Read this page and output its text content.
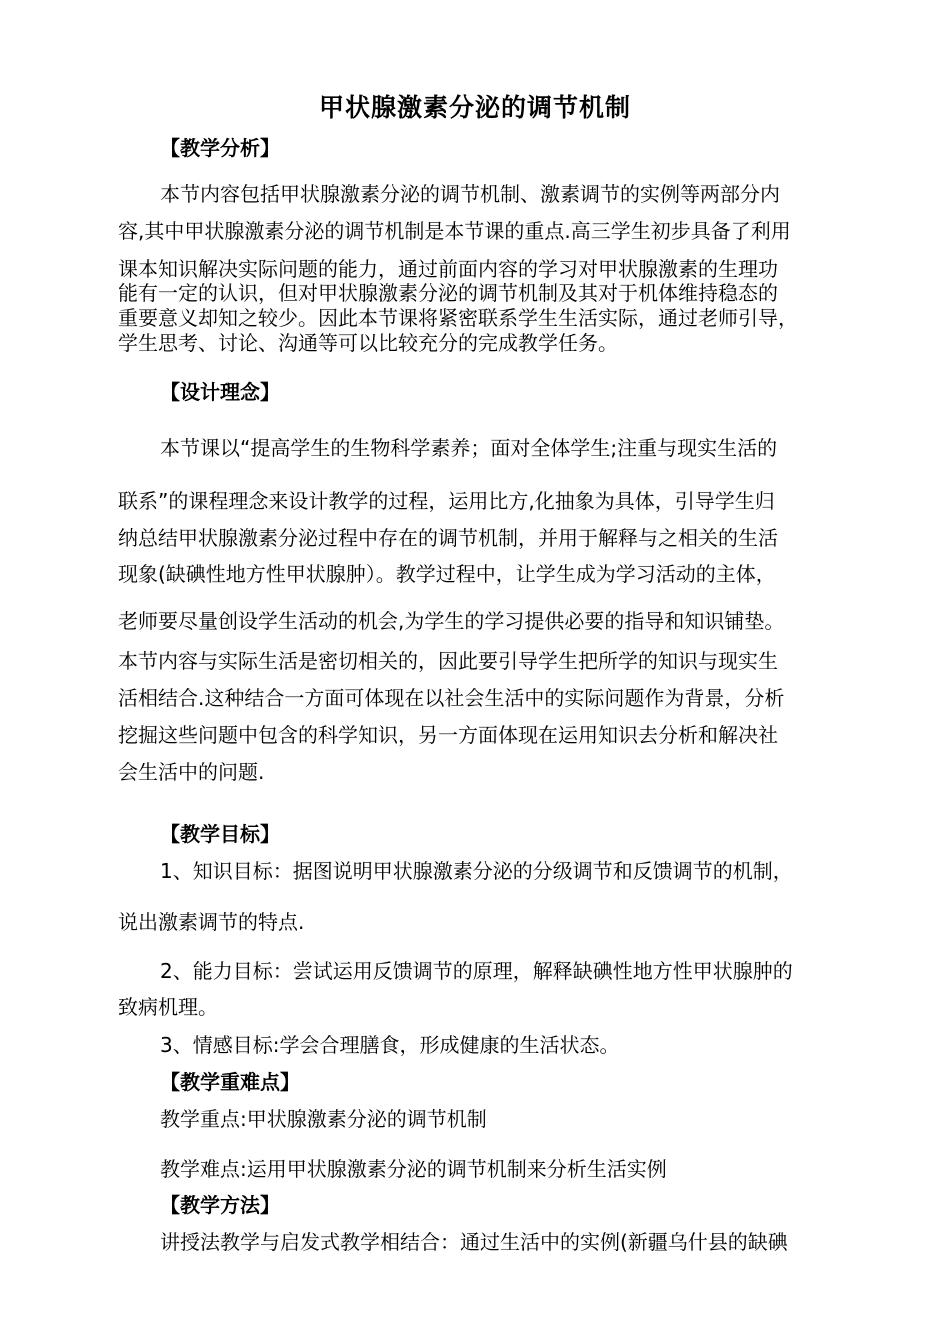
甲状腺激素分泌的调节机制
【教学分析】
本节内容包括甲状腺激素分泌的调节机制、激素调节的实例等两部分内
容,其中甲状腺激素分泌的调节机制是本节课的重点.高三学生初步具备了利用
课本知识解决实际问题的能力，通过前面内容的学习对甲状腺激素的生理功
能有一定的认识，但对甲状腺激素分泌的调节机制及其对于机体维持稳态的
重要意义却知之较少。因此本节课将紧密联系学生生活实际，通过老师引导，
学生思考、讨论、沟通等可以比较充分的完成教学任务。
【设计理念】
本节课以“提高学生的生物科学素养；面对全体学生;注重与现实生活的
联系”的课程理念来设计教学的过程，运用比方,化抽象为具体，引导学生归
纳总结甲状腺激素分泌过程中存在的调节机制，并用于解释与之相关的生活
现象(缺碘性地方性甲状腺肿）。教学过程中，让学生成为学习活动的主体，
老师要尽量创设学生活动的机会,为学生的学习提供必要的指导和知识铺垫。
本节内容与实际生活是密切相关的，因此要引导学生把所学的知识与现实生
活相结合.这种结合一方面可体现在以社会生活中的实际问题作为背景，分析
挖掘这些问题中包含的科学知识，另一方面体现在运用知识去分析和解决社
会生活中的问题.
【教学目标】
1、知识目标：据图说明甲状腺激素分泌的分级调节和反馈调节的机制，
说出激素调节的特点.
2、能力目标：尝试运用反馈调节的原理，解释缺碘性地方性甲状腺肿的
致病机理。
3、情感目标:学会合理膳食，形成健康的生活状态。
【教学重难点】
教学重点:甲状腺激素分泌的调节机制
教学难点:运用甲状腺激素分泌的调节机制来分析生活实例
【教学方法】
讲授法教学与启发式教学相结合：通过生活中的实例(新疆乌什县的缺碘
